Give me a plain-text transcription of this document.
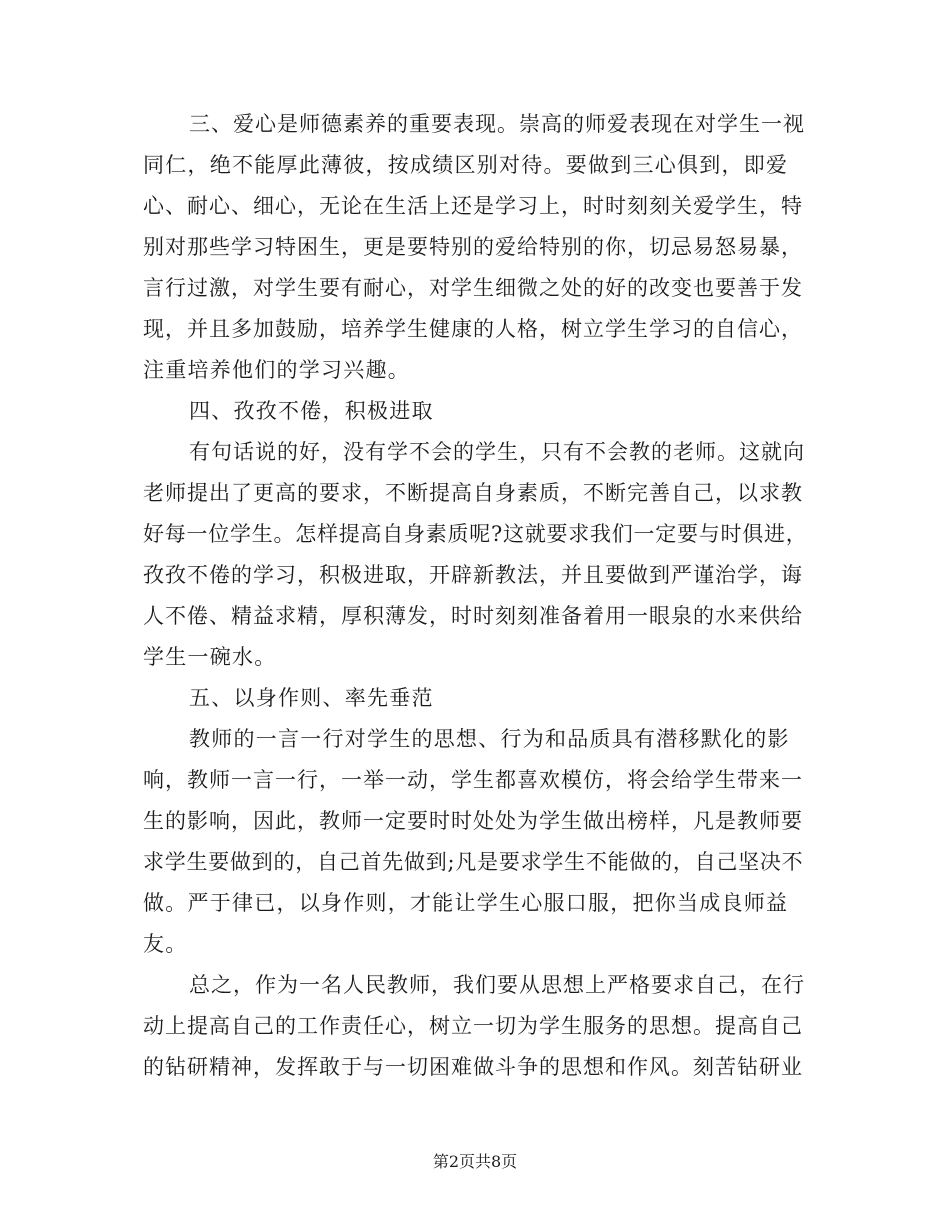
三、爱心是师德素养的重要表现。崇高的师爱表现在对学生一视
同仁，绝不能厚此薄彼，按成绩区别对待。要做到三心俱到，即爱
心、耐心、细心，无论在生活上还是学习上，时时刻刻关爱学生，特
别对那些学习特困生，更是要特别的爱给特别的你，切忌易怒易暴，
言行过激，对学生要有耐心，对学生细微之处的好的改变也要善于发
现，并且多加鼓励，培养学生健康的人格，树立学生学习的自信心，
注重培养他们的学习兴趣。
四、孜孜不倦，积极进取
有句话说的好，没有学不会的学生，只有不会教的老师。这就向
老师提出了更高的要求，不断提高自身素质，不断完善自己，以求教
好每一位学生。怎样提高自身素质呢?这就要求我们一定要与时俱进，
孜孜不倦的学习，积极进取，开辟新教法，并且要做到严谨治学，诲
人不倦、精益求精，厚积薄发，时时刻刻准备着用一眼泉的水来供给
学生一碗水。
五、以身作则、率先垂范
教师的一言一行对学生的思想、行为和品质具有潜移默化的影
响，教师一言一行，一举一动，学生都喜欢模仿，将会给学生带来一
生的影响，因此，教师一定要时时处处为学生做出榜样，凡是教师要
求学生要做到的，自己首先做到;凡是要求学生不能做的，自己坚决不
做。严于律已，以身作则，才能让学生心服口服，把你当成良师益
友。
总之，作为一名人民教师，我们要从思想上严格要求自己，在行
动上提高自己的工作责任心，树立一切为学生服务的思想。提高自己
的钻研精神，发挥敢于与一切困难做斗争的思想和作风。刻苦钻研业
第2页共8页
